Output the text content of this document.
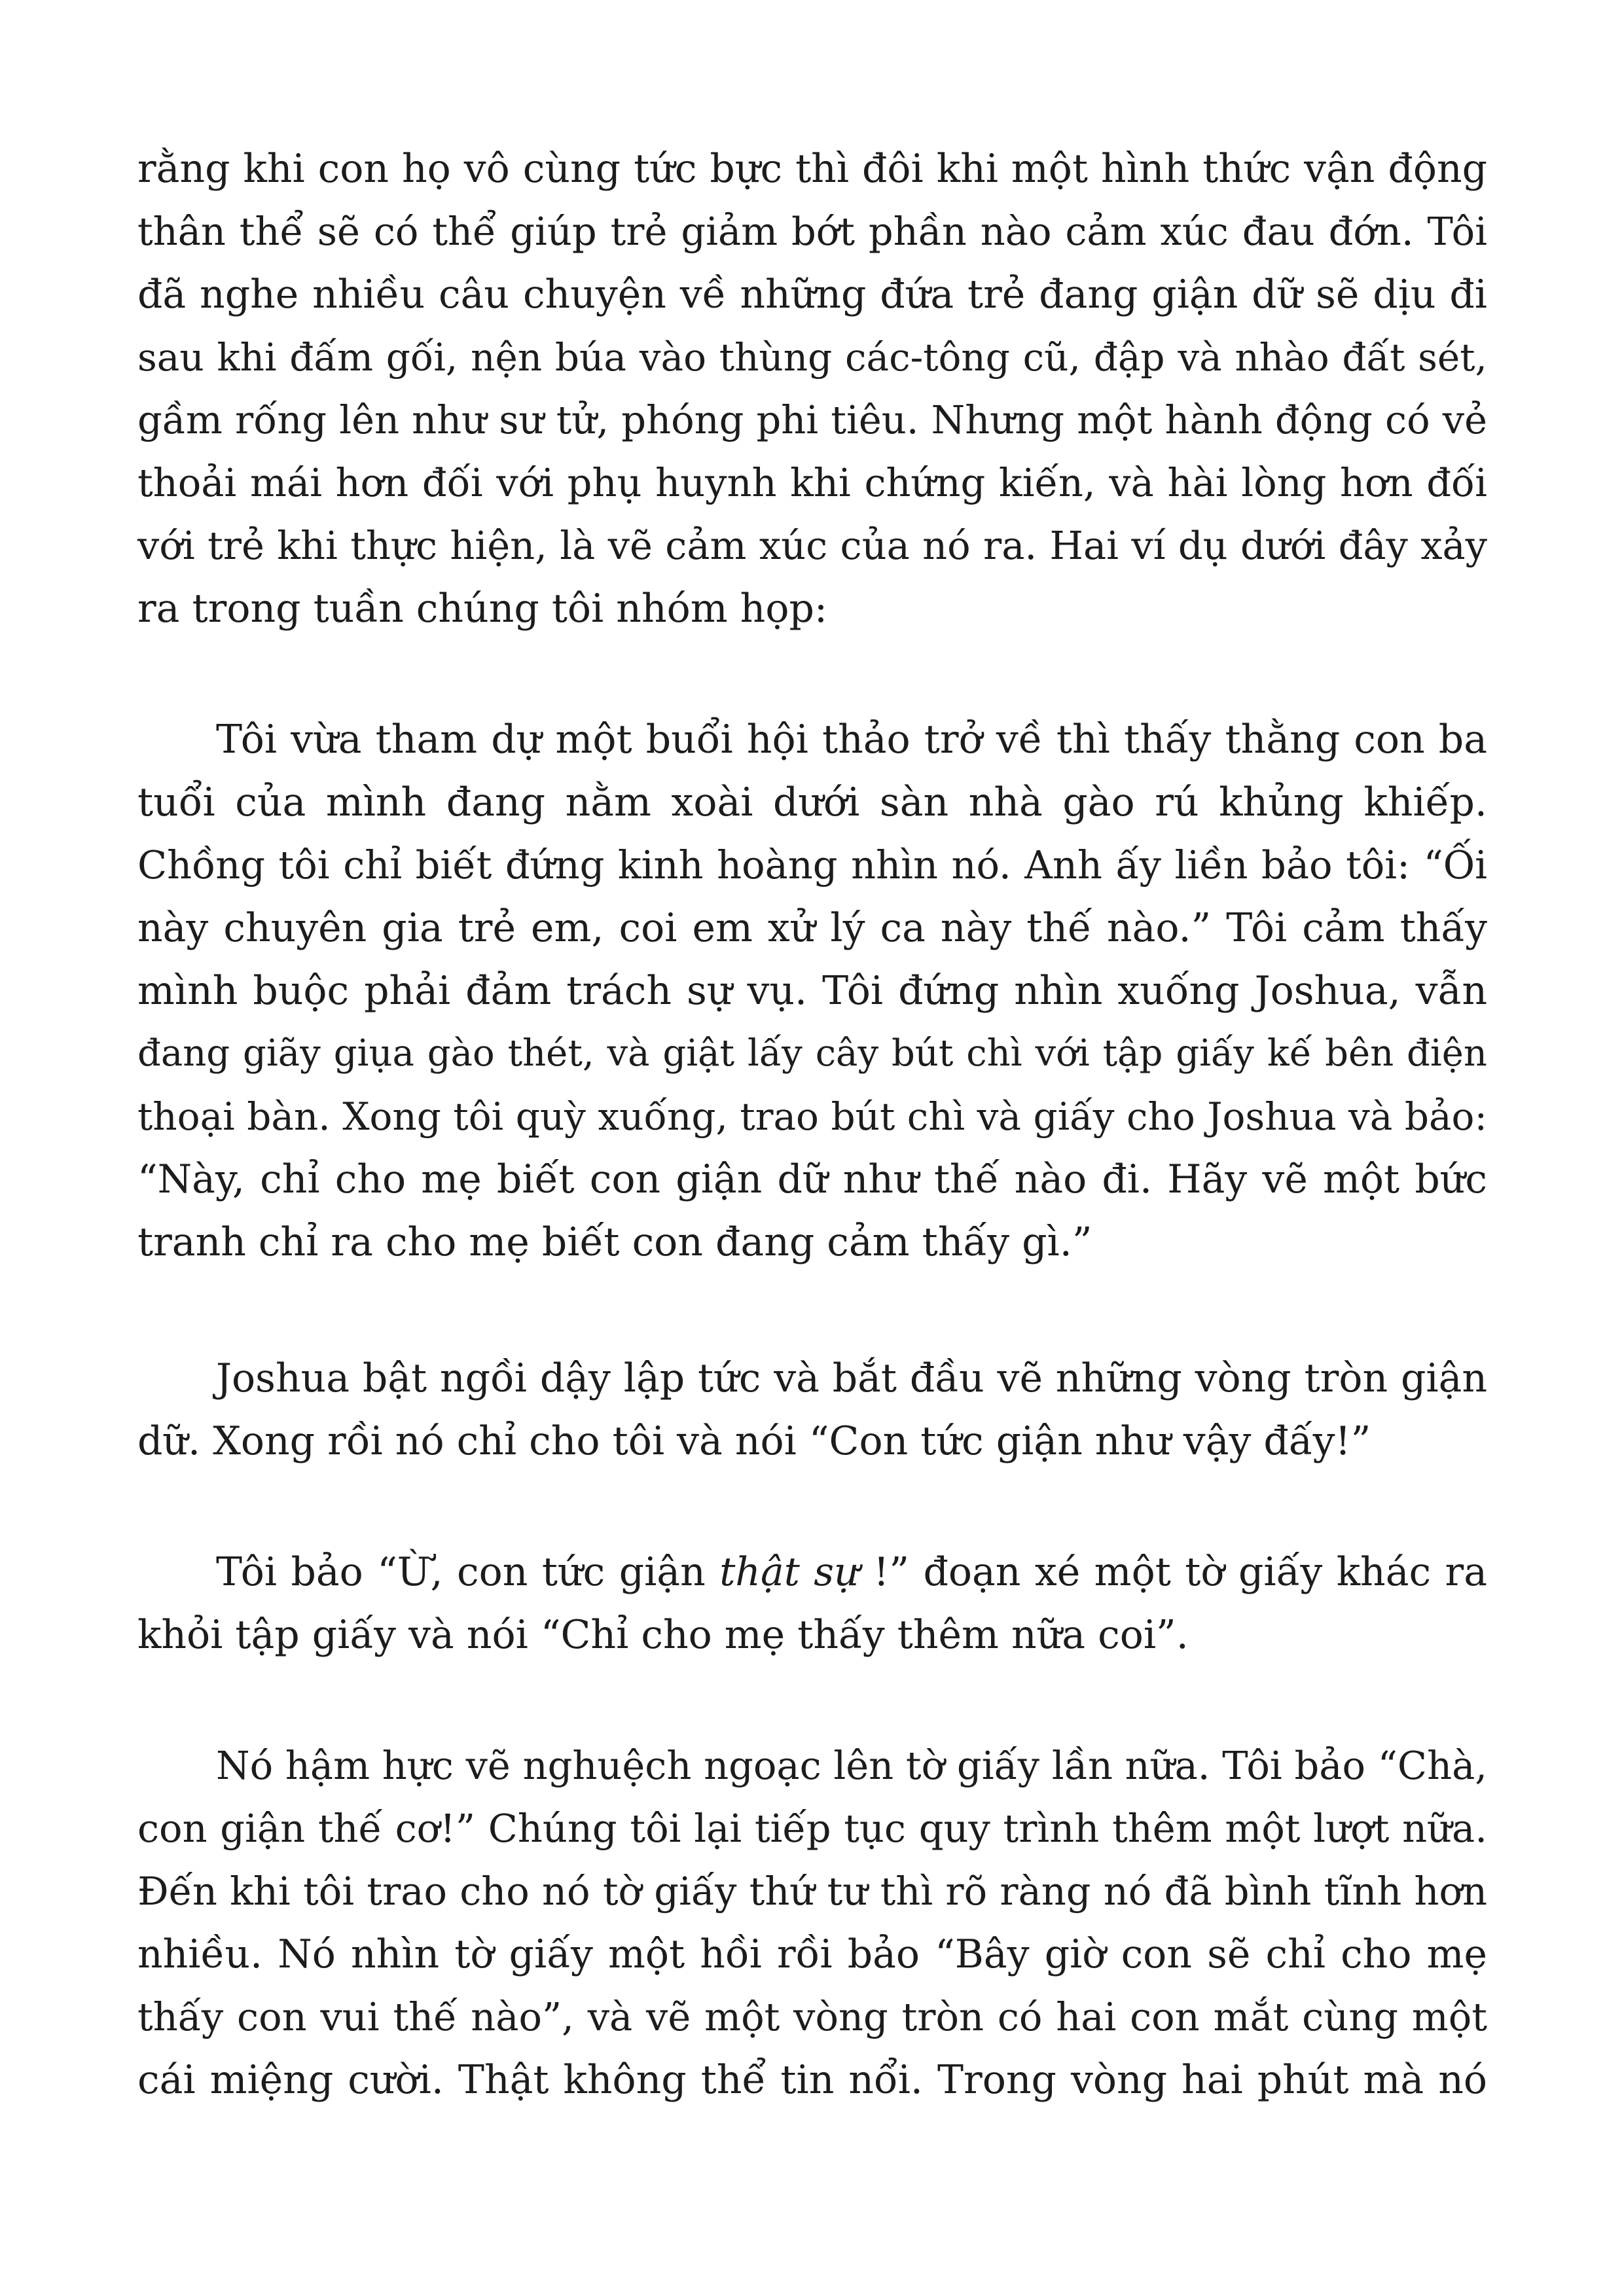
rằng khi con họ vô cùng tức bực thì đôi khi một hình thức vận động
thân thể sẽ có thể giúp trẻ giảm bớt phần nào cảm xúc đau đớn. Tôi
đã nghe nhiều câu chuyện về những đứa trẻ đang giận dữ sẽ dịu đi
sau khi đấm gối, nện búa vào thùng các-tông cũ, đập và nhào đất sét,
gầm rống lên như sư tử, phóng phi tiêu. Nhưng một hành động có vẻ
thoải mái hơn đối với phụ huynh khi chứng kiến, và hài lòng hơn đối
với trẻ khi thực hiện, là vẽ cảm xúc của nó ra. Hai ví dụ dưới đây xảy
ra trong tuần chúng tôi nhóm họp:
Tôi vừa tham dự một buổi hội thảo trở về thì thấy thằng con ba
tuổi của mình đang nằm xoài dưới sàn nhà gào rú khủng khiếp.
Chồng tôi chỉ biết đứng kinh hoàng nhìn nó. Anh ấy liền bảo tôi: “Ối
này chuyên gia trẻ em, coi em xử lý ca này thế nào.” Tôi cảm thấy
mình buộc phải đảm trách sự vụ. Tôi đứng nhìn xuống Joshua, vẫn
đang giãy giụa gào thét, và giật lấy cây bút chì với tập giấy kế bên điện
thoại bàn. Xong tôi quỳ xuống, trao bút chì và giấy cho Joshua và bảo:
“Này, chỉ cho mẹ biết con giận dữ như thế nào đi. Hãy vẽ một bức
tranh chỉ ra cho mẹ biết con đang cảm thấy gì.”
Joshua bật ngồi dậy lập tức và bắt đầu vẽ những vòng tròn giận
dữ. Xong rồi nó chỉ cho tôi và nói “Con tức giận như vậy đấy!”
Tôi bảo “Ừ, con tức giận thật sự !” đoạn xé một tờ giấy khác ra
khỏi tập giấy và nói “Chỉ cho mẹ thấy thêm nữa coi”.
Nó hậm hực vẽ nghuệch ngoạc lên tờ giấy lần nữa. Tôi bảo “Chà,
con giận thế cơ!” Chúng tôi lại tiếp tục quy trình thêm một lượt nữa.
Đến khi tôi trao cho nó tờ giấy thứ tư thì rõ ràng nó đã bình tĩnh hơn
nhiều. Nó nhìn tờ giấy một hồi rồi bảo “Bây giờ con sẽ chỉ cho mẹ
thấy con vui thế nào”, và vẽ một vòng tròn có hai con mắt cùng một
cái miệng cười. Thật không thể tin nổi. Trong vòng hai phút mà nó
